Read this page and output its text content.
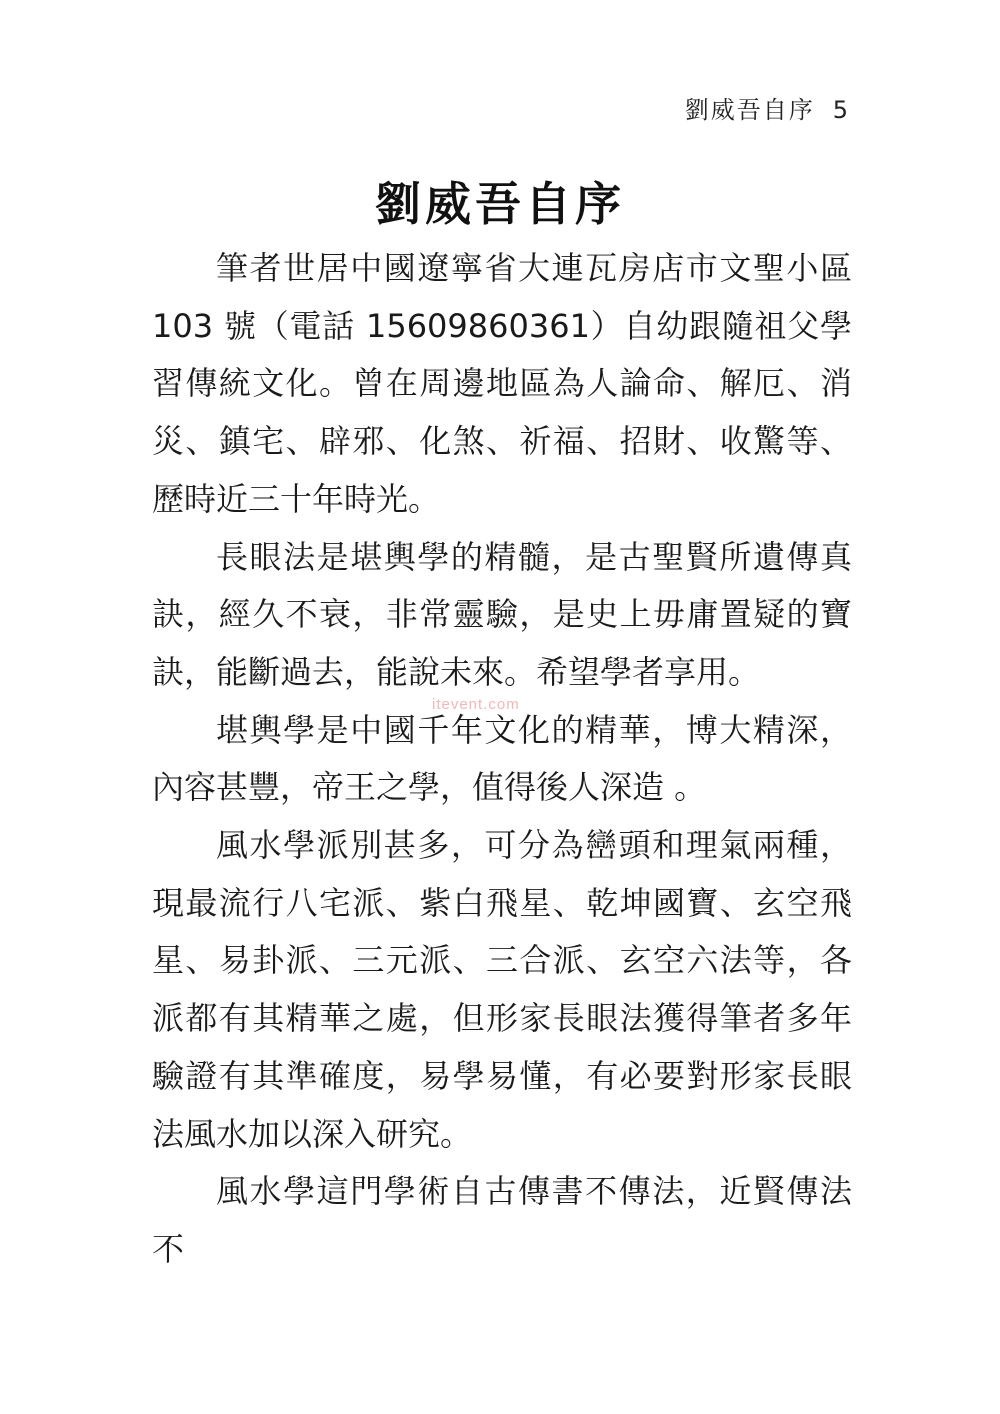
劉威吾自序 5
劉威吾自序

筆者世居中國遼寧省大連瓦房店市文聖小區 103 號（電話 15609860361）自幼跟隨祖父學習傳統文化。曾在周邊地區為人論命、解厄、消災、鎮宅、辟邪、化煞、祈福、招財、收驚等、歷時近三十年時光。

長眼法是堪輿學的精髓，是古聖賢所遺傳真訣，經久不衰，非常靈驗，是史上毋庸置疑的寶訣，能斷過去，能說未來。希望學者享用。

堪輿學是中國千年文化的精華，博大精深，內容甚豐，帝王之學，值得後人深造 。

風水學派別甚多，可分為巒頭和理氣兩種，現最流行八宅派、紫白飛星、乾坤國寶、玄空飛星、易卦派、三元派、三合派、玄空六法等，各派都有其精華之處，但形家長眼法獲得筆者多年驗證有其準確度，易學易懂，有必要對形家長眼法風水加以深入研究。

風水學這門學術自古傳書不傳法，近賢傳法不

itevent.com
